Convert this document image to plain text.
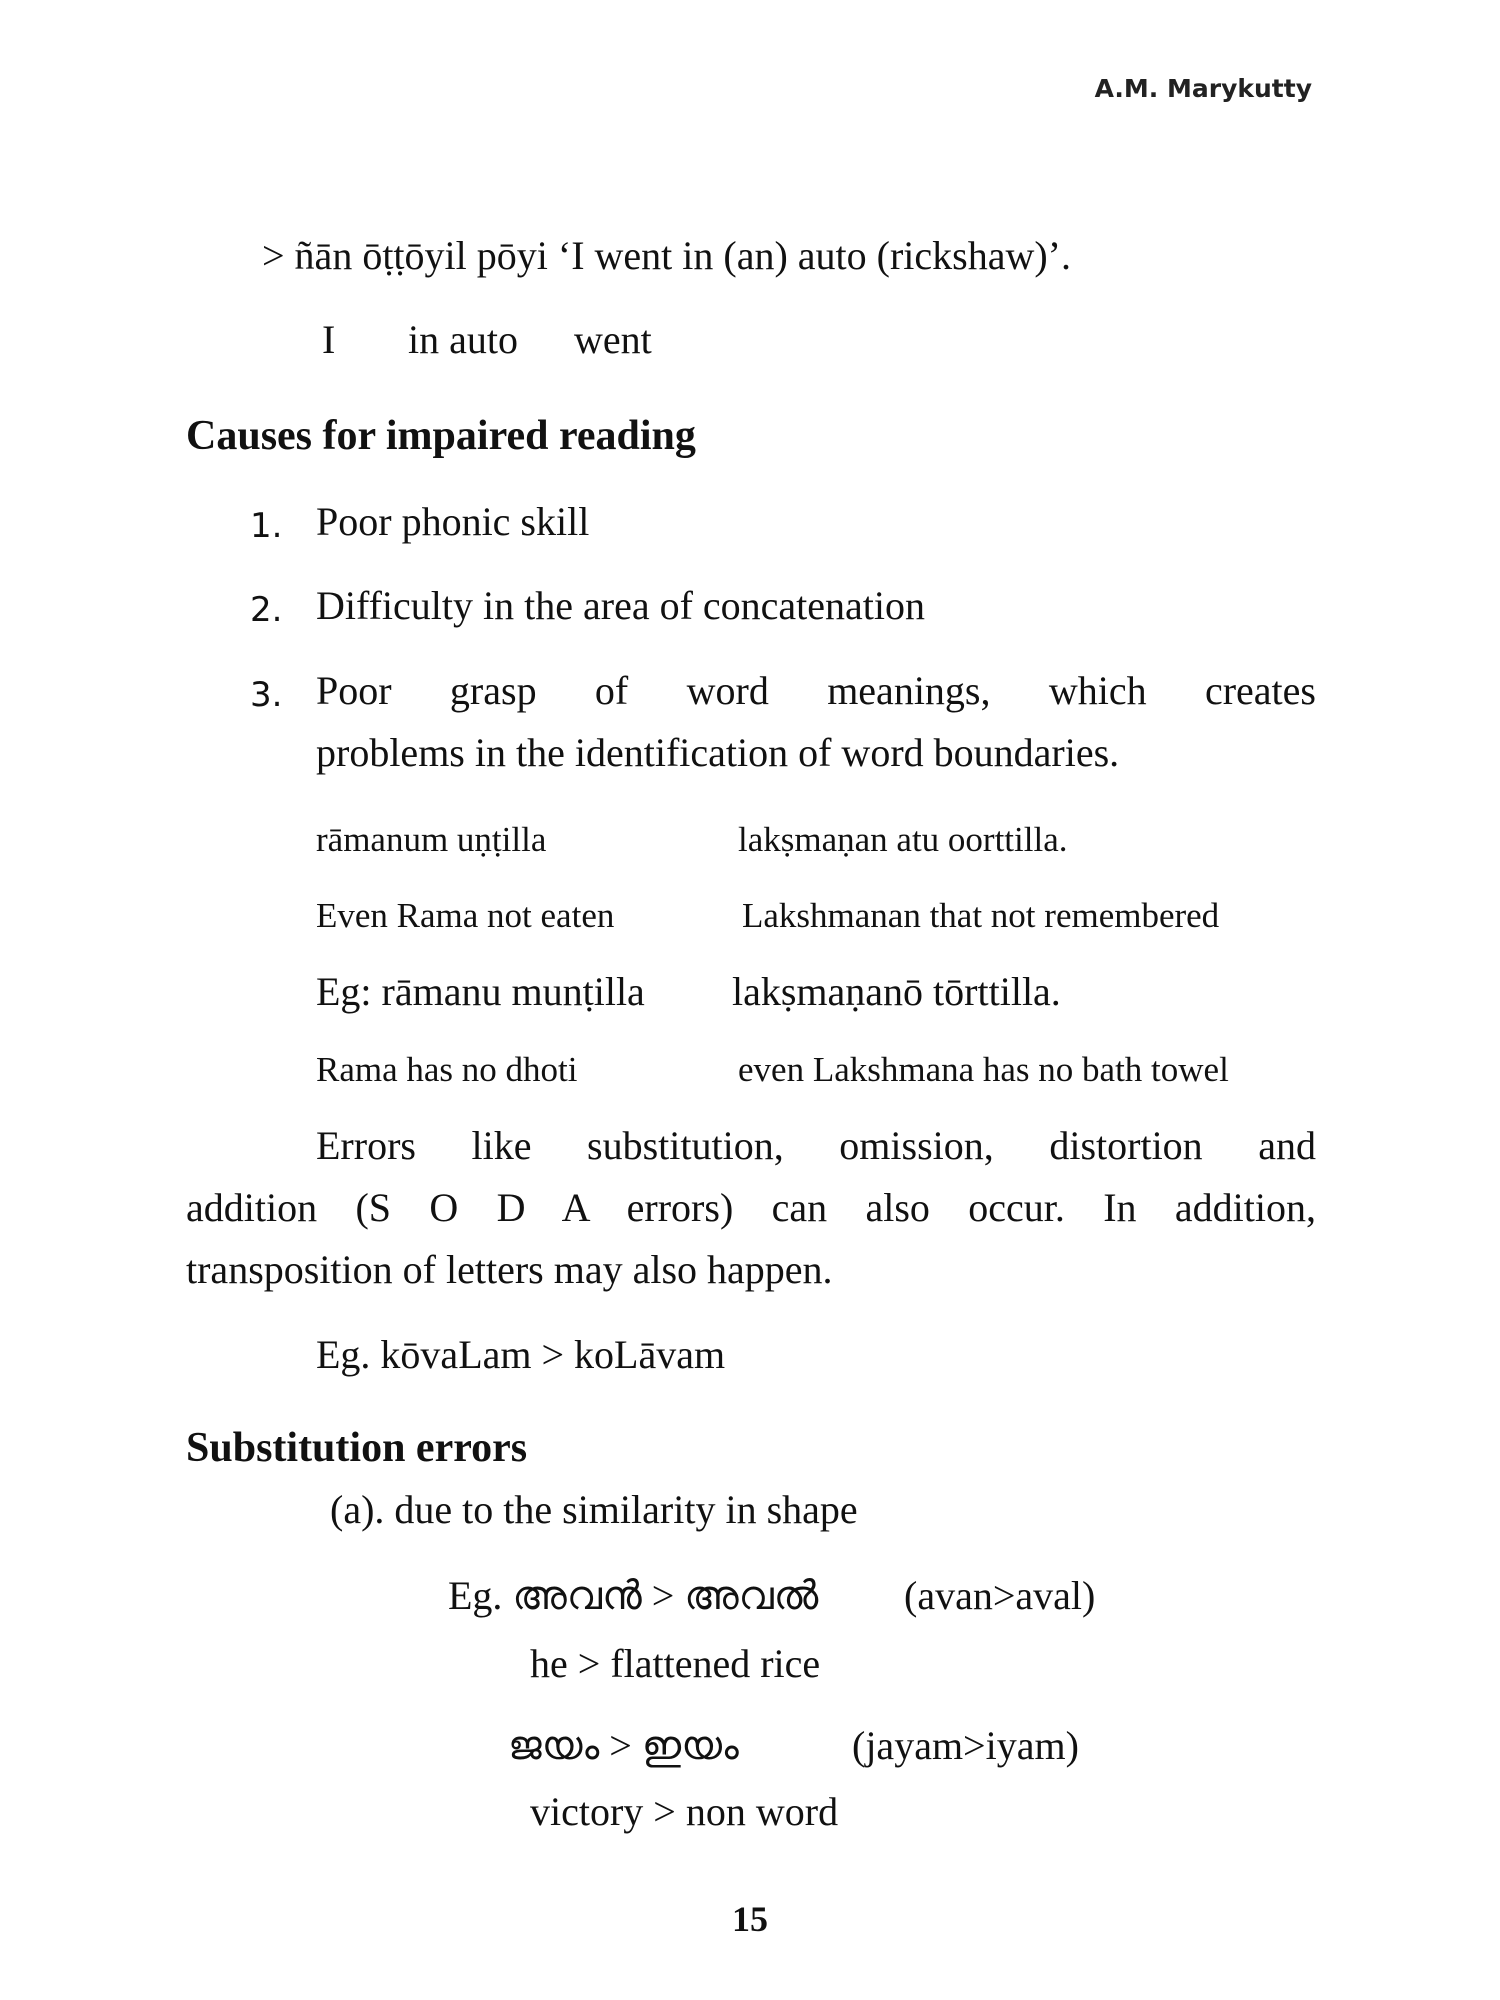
A.M. Marykutty
> ñān ōṭṭōyil pōyi ‘I went in (an) auto (rickshaw)’.
I in auto went
Causes for impaired reading
1. Poor phonic skill
2. Difficulty in the area of concatenation
3. Poor grasp of word meanings, which creates
problems in the identification of word boundaries.
rāmanum uṇṭilla	lakṣmaṇan atu oorttilla.
Even Rama not eaten	Lakshmanan that not remembered
Eg: rāmanu munṭilla lakṣmaṇanō tōrttilla.
Rama has no dhoti	even Lakshmana has no bath towel
Errors like substitution, omission, distortion and
addition (S O D A errors) can also occur. In addition,
transposition of letters may also happen.
Eg. kōvaLam > koLāvam
Substitution errors
(a). due to the similarity in shape
Eg. അവൻ > അവൽ (avan>aval)
he > flattened rice
ജയം > ഇയം	(jayam>iyam)
victory > non word
15
